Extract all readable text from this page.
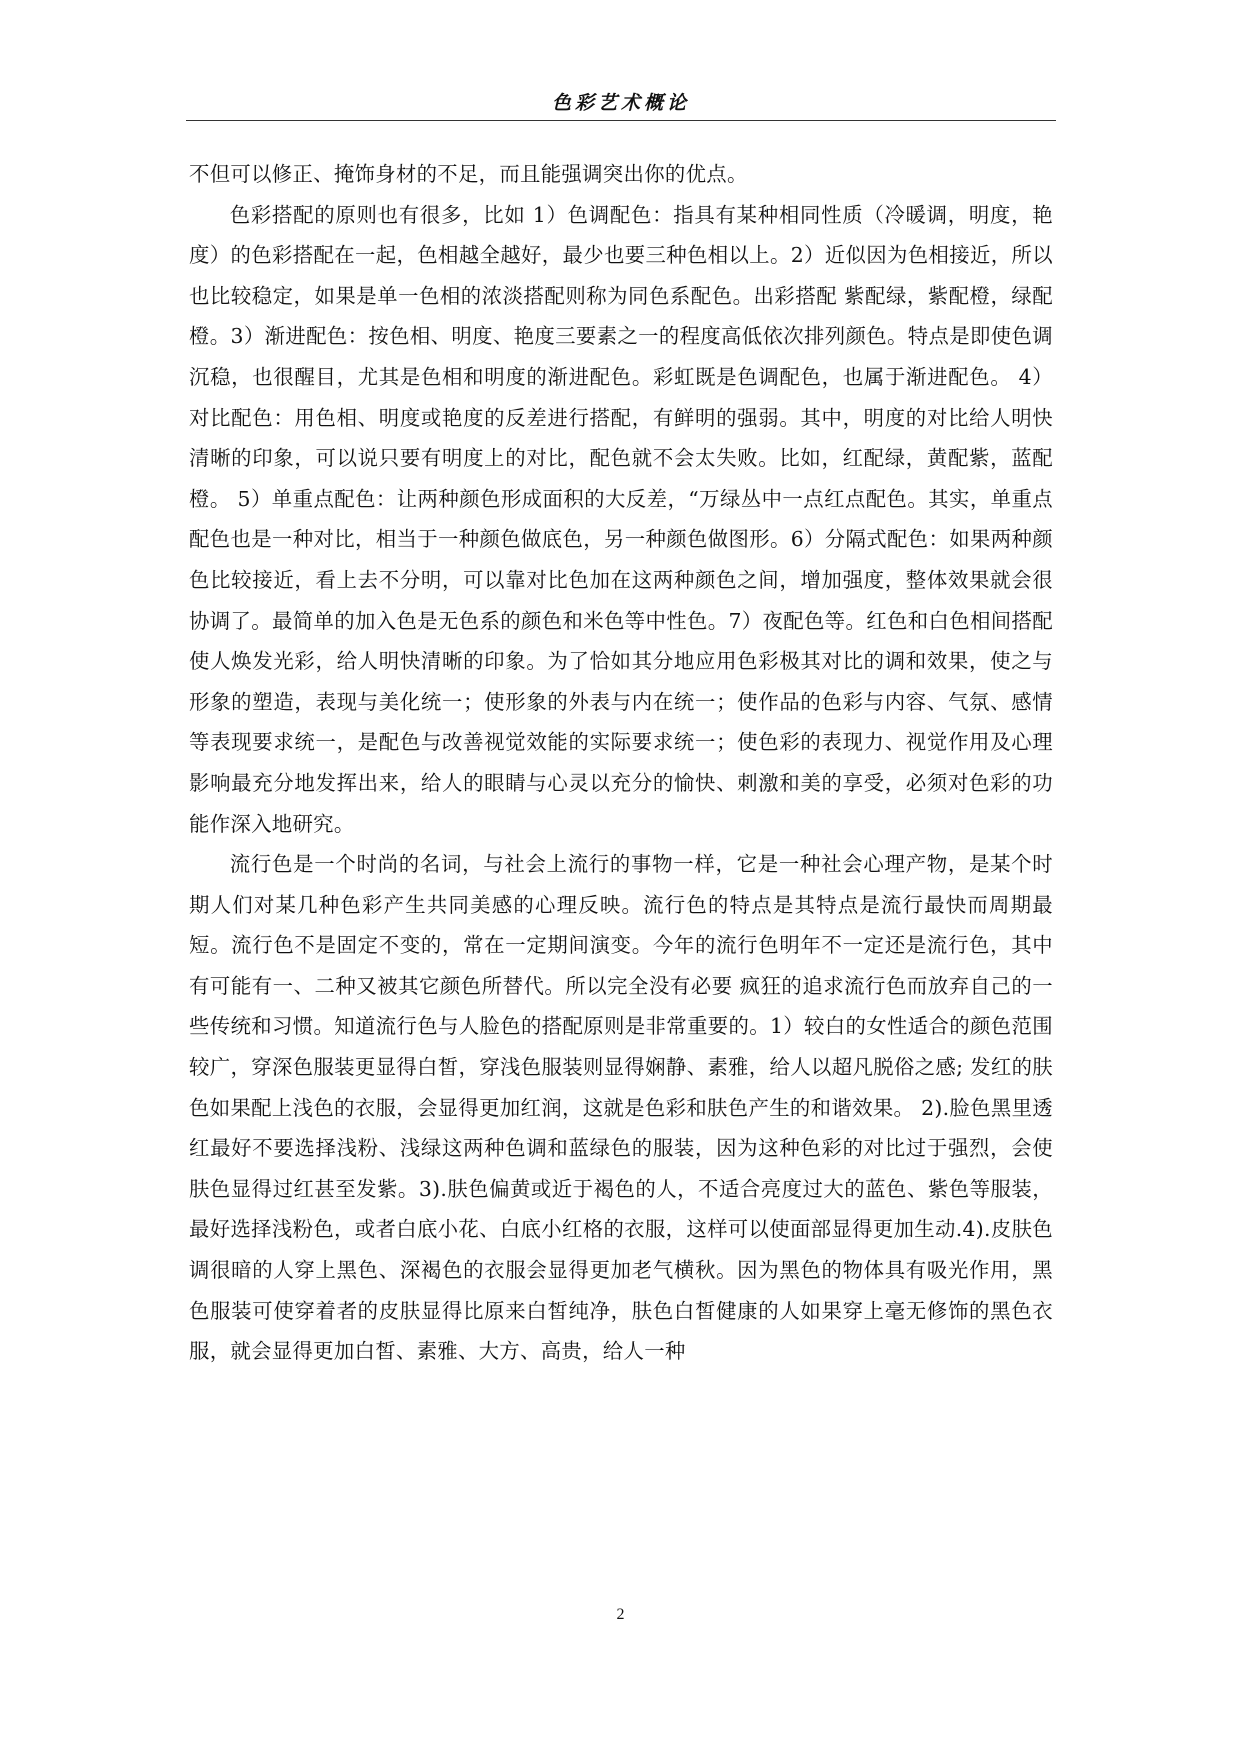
色彩艺术概论

不但可以修正、掩饰身材的不足，而且能强调突出你的优点。

色彩搭配的原则也有很多，比如 1）色调配色：指具有某种相同性质（冷暖调，明度，艳度）的色彩搭配在一起，色相越全越好，最少也要三种色相以上。2）近似因为色相接近，所以也比较稳定，如果是单一色相的浓淡搭配则称为同色系配色。出彩搭配 紫配绿，紫配橙，绿配橙。3）渐进配色：按色相、明度、艳度三要素之一的程度高低依次排列颜色。特点是即使色调沉稳，也很醒目，尤其是色相和明度的渐进配色。彩虹既是色调配色，也属于渐进配色。 4）对比配色：用色相、明度或艳度的反差进行搭配，有鲜明的强弱。其中，明度的对比给人明快清晰的印象，可以说只要有明度上的对比，配色就不会太失败。比如，红配绿，黄配紫，蓝配橙。 5）单重点配色：让两种颜色形成面积的大反差，“万绿丛中一点红点配色。其实，单重点配色也是一种对比，相当于一种颜色做底色，另一种颜色做图形。6）分隔式配色：如果两种颜色比较接近，看上去不分明，可以靠对比色加在这两种颜色之间，增加强度，整体效果就会很协调了。最简单的加入色是无色系的颜色和米色等中性色。7）夜配色等。红色和白色相间搭配使人焕发光彩，给人明快清晰的印象。为了恰如其分地应用色彩极其对比的调和效果，使之与形象的塑造，表现与美化统一；使形象的外表与内在统一；使作品的色彩与内容、气氛、感情等表现要求统一，是配色与改善视觉效能的实际要求统一；使色彩的表现力、视觉作用及心理影响最充分地发挥出来，给人的眼睛与心灵以充分的愉快、刺激和美的享受，必须对色彩的功能作深入地研究。

流行色是一个时尚的名词，与社会上流行的事物一样，它是一种社会心理产物，是某个时期人们对某几种色彩产生共同美感的心理反映。流行色的特点是其特点是流行最快而周期最短。流行色不是固定不变的，常在一定期间演变。今年的流行色明年不一定还是流行色，其中有可能有一、二种又被其它颜色所替代。所以完全没有必要 疯狂的追求流行色而放弃自己的一些传统和习惯。知道流行色与人脸色的搭配原则是非常重要的。1）较白的女性适合的颜色范围较广，穿深色服装更显得白皙，穿浅色服装则显得娴静、素雅，给人以超凡脱俗之感; 发红的肤色如果配上浅色的衣服，会显得更加红润，这就是色彩和肤色产生的和谐效果。 2).脸色黑里透红最好不要选择浅粉、浅绿这两种色调和蓝绿色的服装，因为这种色彩的对比过于强烈，会使肤色显得过红甚至发紫。3).肤色偏黄或近于褐色的人，不适合亮度过大的蓝色、紫色等服装，最好选择浅粉色，或者白底小花、白底小红格的衣服，这样可以使面部显得更加生动.4).皮肤色调很暗的人穿上黑色、深褐色的衣服会显得更加老气横秋。因为黑色的物体具有吸光作用，黑色服装可使穿着者的皮肤显得比原来白皙纯净，肤色白皙健康的人如果穿上毫无修饰的黑色衣服，就会显得更加白皙、素雅、大方、高贵，给人一种

2
